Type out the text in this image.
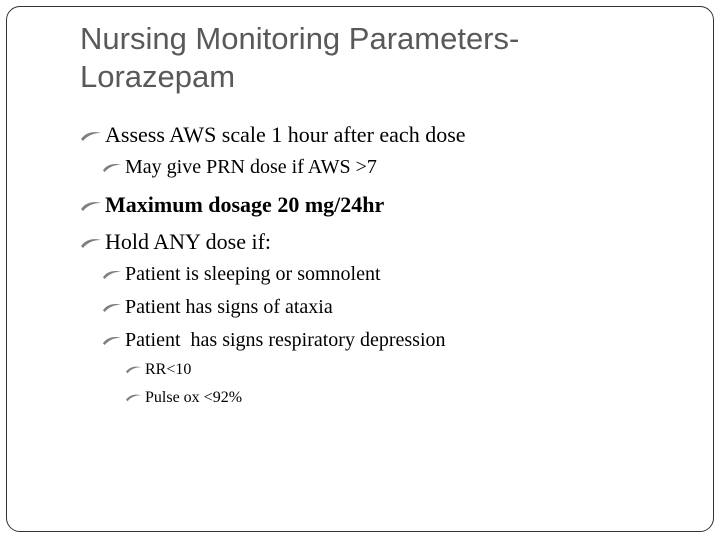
Nursing Monitoring Parameters-
Lorazepam
Assess AWS scale 1 hour after each dose
May give PRN dose if AWS >7
Maximum dosage 20 mg/24hr
Hold ANY dose if:
Patient is sleeping or somnolent
Patient has signs of ataxia
Patient  has signs respiratory depression
RR<10
Pulse ox <92%
